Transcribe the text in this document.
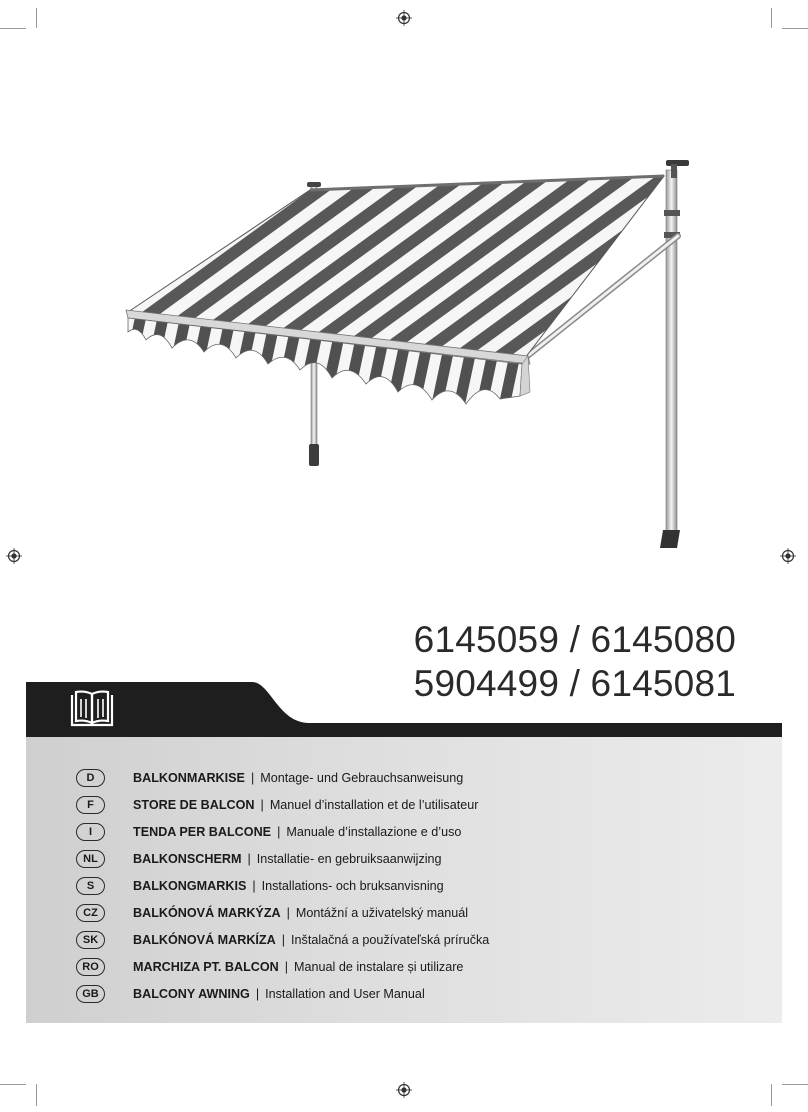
6145059 / 6145080
5904499 / 6145081
D	BALKONMARKISE | Montage- und Gebrauchsanweisung
F	STORE DE BALCON | Manuel d’installation et de l’utilisateur
I	TENDA PER BALCONE | Manuale d’installazione e d’uso
NL	BALKONSCHERM | Installatie- en gebruiksaanwijzing
S	BALKONGMARKIS | Installations- och bruksanvisning
CZ	BALKÓNOVÁ MARKÝZA | Montážní a uživatelský manuál
SK	BALKÓNOVÁ MARKÍZA | Inštalačná a používateľská príručka
RO	MARCHIZA PT. BALCON | Manual de instalare și utilizare
GB	BALCONY AWNING | Installation and User Manual
